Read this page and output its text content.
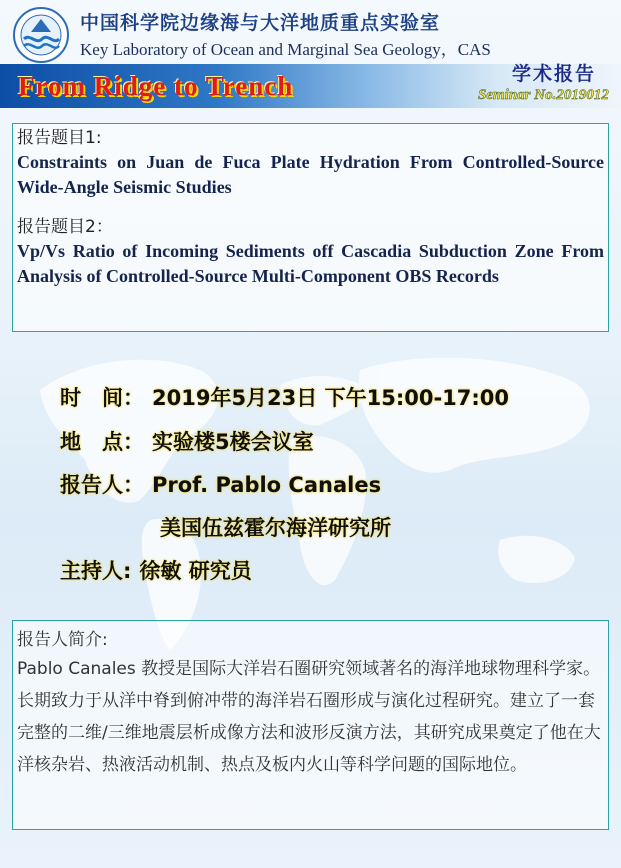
中国科学院边缘海与大洋地质重点实验室
Key Laboratory of Ocean and Marginal Sea Geology，CAS
From Ridge to Trench	学术报告
Seminar No.2019012

报告题目1:

Constraints on Juan de Fuca Plate Hydration From Controlled-Source Wide-Angle Seismic Studies

报告题目2：

Vp/Vs Ratio of Incoming Sediments off Cascadia Subduction Zone From Analysis of Controlled-Source Multi-Component OBS Records

时　间： 2019年5月23日 下午15:00-17:00
地　点： 实验楼5楼会议室
报告人： Prof. Pablo Canales
美国伍兹霍尔海洋研究所
主持人: 徐敏 研究员

报告人简介:

Pablo Canales 教授是国际大洋岩石圈研究领域著名的海洋地球物理科学家。长期致力于从洋中脊到俯冲带的海洋岩石圈形成与演化过程研究。建立了一套完整的二维/三维地震层析成像方法和波形反演方法，其研究成果奠定了他在大洋核杂岩、热液活动机制、热点及板内火山等科学问题的国际地位。
